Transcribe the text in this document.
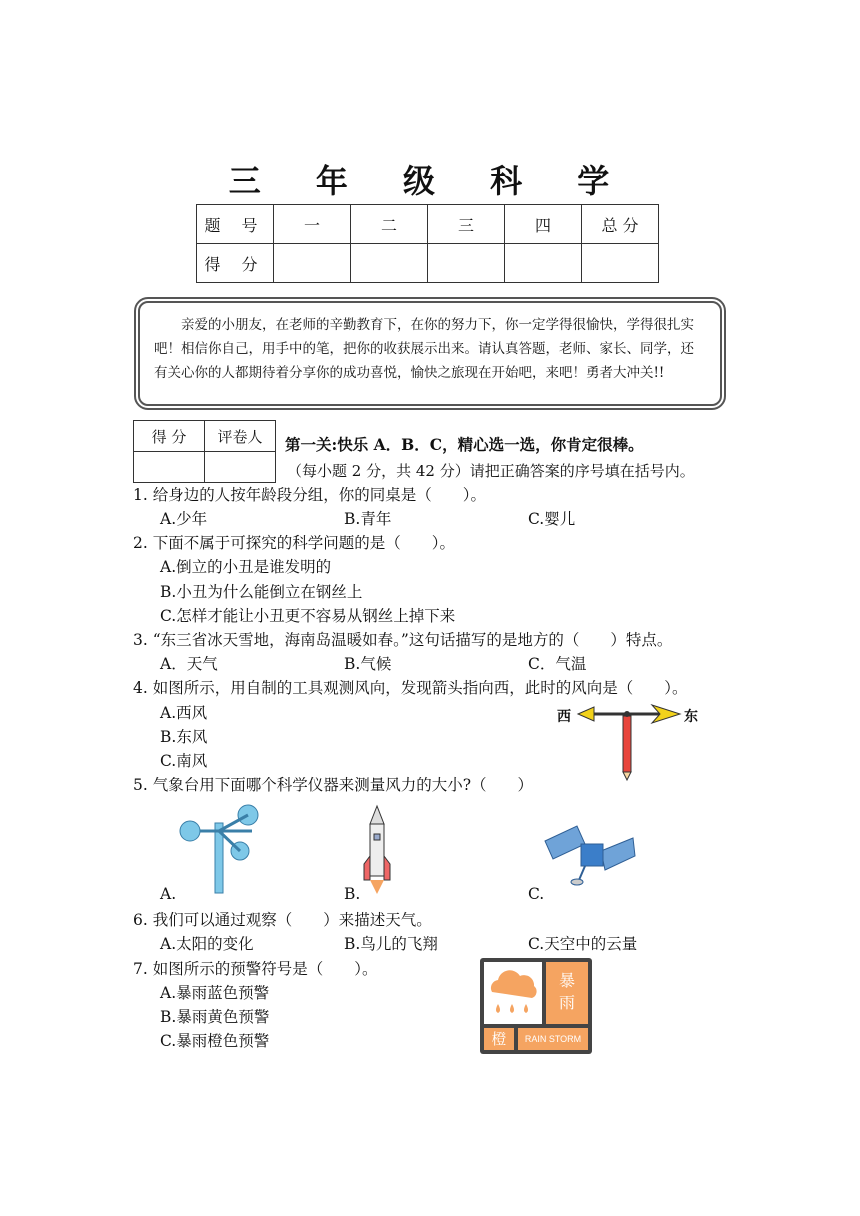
三 年 级 科 学
题 号	一	二	三	四	总 分
得 分					

亲爱的小朋友，在老师的辛勤教育下，在你的努力下，你一定学得很愉快，学得很扎实吧！相信你自己，用手中的笔，把你的收获展示出来。请认真答题，老师、家长、同学，还有关心你的人都期待着分享你的成功喜悦，愉快之旅现在开始吧，来吧！勇者大冲关!!

得 分	评卷人
	第一关:快乐 A．B．C，精心选一选，你肯定很棒。
（每小题 2 分，共 42 分）请把正确答案的序号填在括号内。
1. 给身边的人按年龄段分组，你的同桌是（　　）。
A.少年	B.青年	C.婴儿
2. 下面不属于可探究的科学问题的是（　　）。
A.倒立的小丑是谁发明的
B.小丑为什么能倒立在钢丝上
C.怎样才能让小丑更不容易从钢丝上掉下来
3. “东三省冰天雪地，海南岛温暖如春。”这句话描写的是地方的（　　）特点。
A．天气	B.气候	C．气温
4. 如图所示，用自制的工具观测风向，发现箭头指向西，此时的风向是（　　）。
A.西风
B.东风
C.南风
西	东
5. 气象台用下面哪个科学仪器来测量风力的大小?（　　）
A.	B.	C.
6. 我们可以通过观察（　　）来描述天气。
A.太阳的变化	B.鸟儿的飞翔	C.天空中的云量
7. 如图所示的预警符号是（　　）。
A.暴雨蓝色预警
B.暴雨黄色预警
C.暴雨橙色预警
暴
雨
橙	RAIN STORM
